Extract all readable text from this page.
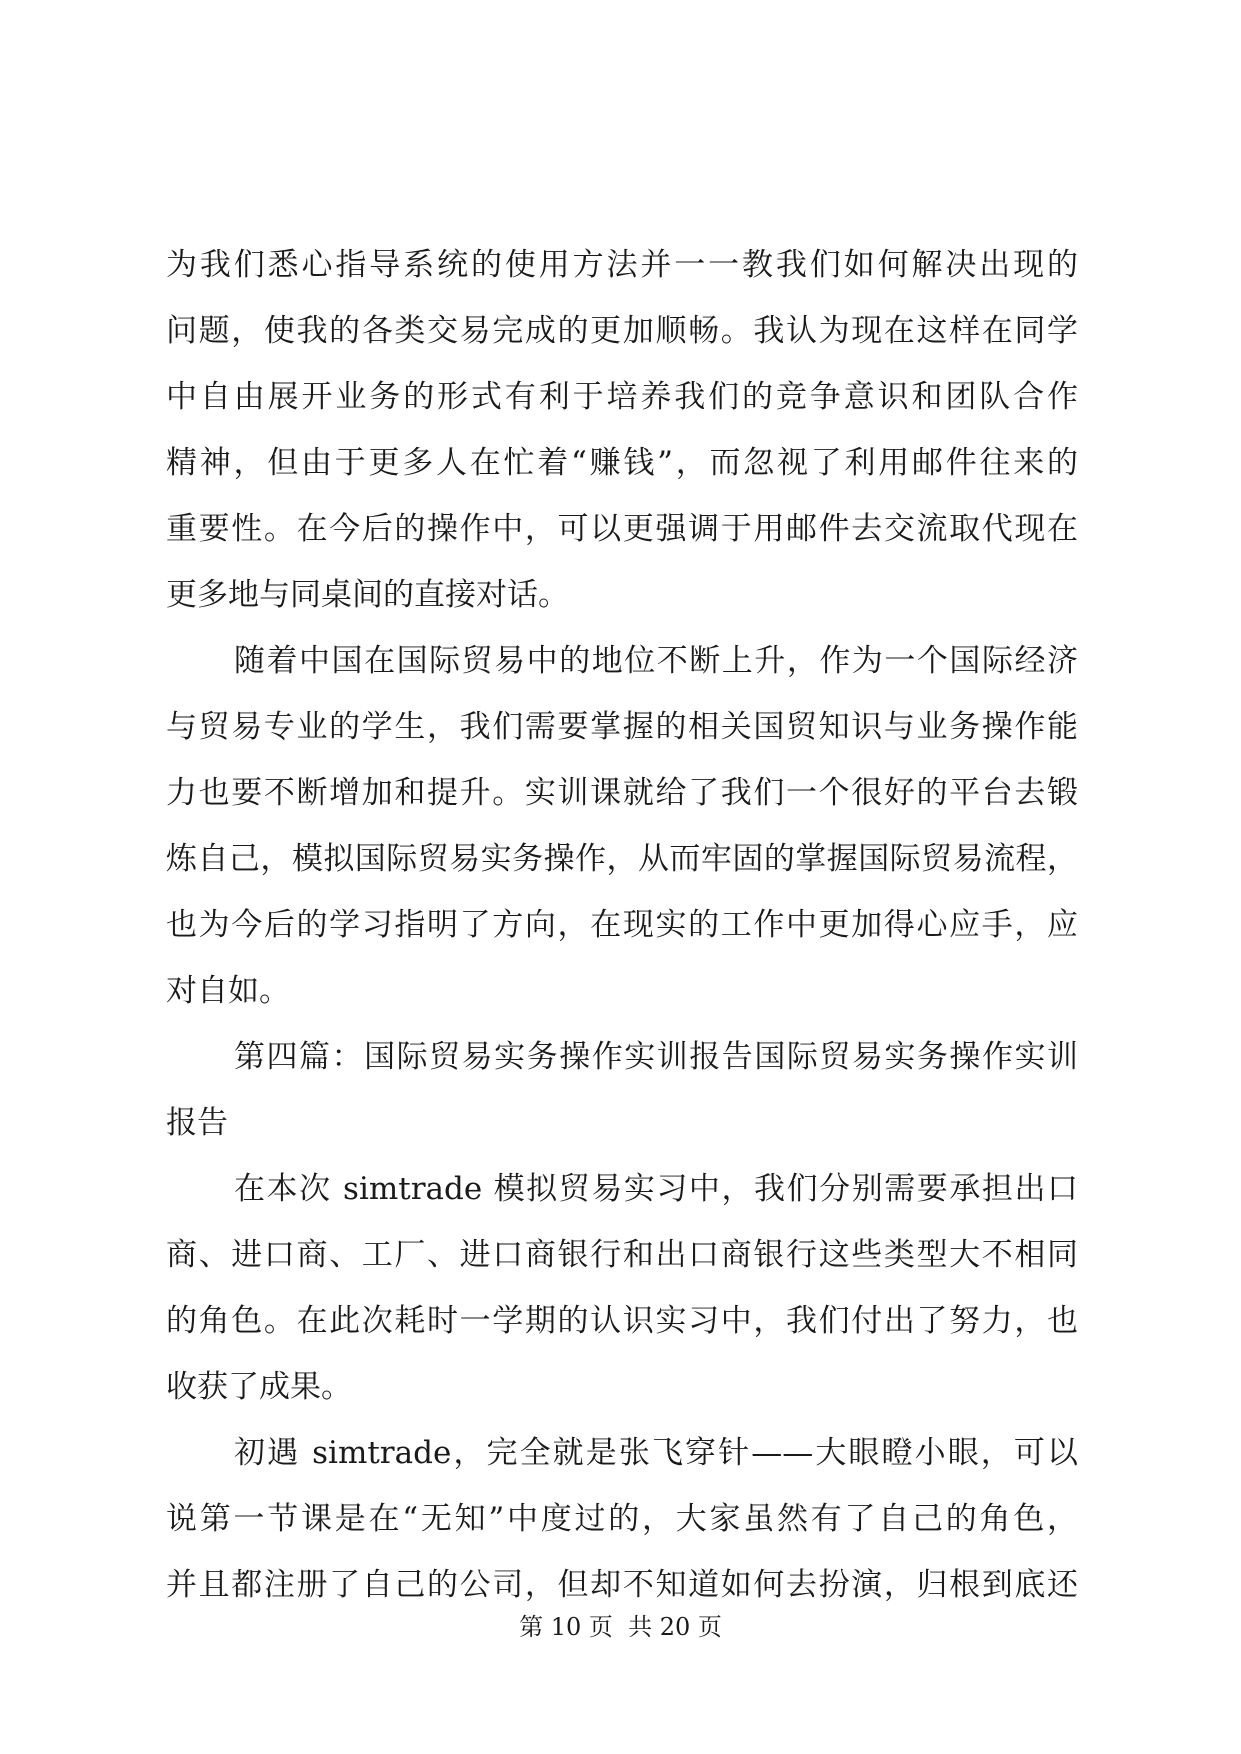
为我们悉心指导系统的使用方法并一一教我们如何解决出现的
问题，使我的各类交易完成的更加顺畅。我认为现在这样在同学
中自由展开业务的形式有利于培养我们的竞争意识和团队合作
精神，但由于更多人在忙着“赚钱”，而忽视了利用邮件往来的
重要性。在今后的操作中，可以更强调于用邮件去交流取代现在
更多地与同桌间的直接对话。
随着中国在国际贸易中的地位不断上升，作为一个国际经济
与贸易专业的学生，我们需要掌握的相关国贸知识与业务操作能
力也要不断增加和提升。实训课就给了我们一个很好的平台去锻
炼自己，模拟国际贸易实务操作，从而牢固的掌握国际贸易流程，
也为今后的学习指明了方向，在现实的工作中更加得心应手，应
对自如。
第四篇：国际贸易实务操作实训报告国际贸易实务操作实训
报告
在本次 simtrade 模拟贸易实习中，我们分别需要承担出口
商、进口商、工厂、进口商银行和出口商银行这些类型大不相同
的角色。在此次耗时一学期的认识实习中，我们付出了努力，也
收获了成果。
初遇 simtrade，完全就是张飞穿针——大眼瞪小眼，可以
说第一节课是在“无知”中度过的，大家虽然有了自己的角色，
并且都注册了自己的公司，但却不知道如何去扮演，归根到底还
第 10 页 共 20 页
